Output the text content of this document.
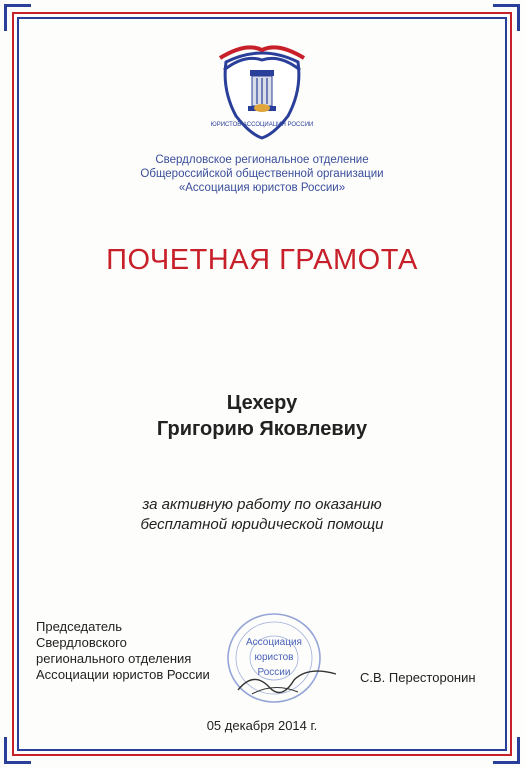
ЮРИСТОВ АССОЦИАЦИЯ РОССИИ
Свердловское региональное отделение
Общероссийской общественной организации
«Ассоциация юристов России»
ПОЧЕТНАЯ ГРАМОТА
Цехеру
Григорию Яковлевиу
за активную работу по оказанию
бесплатной юридической помощи
Председатель
Свердловского
регионального отделения
Ассоциации юристов России
Ассоциация
юристов
России	С.В. Пересторонин
05 декабря 2014 г.
